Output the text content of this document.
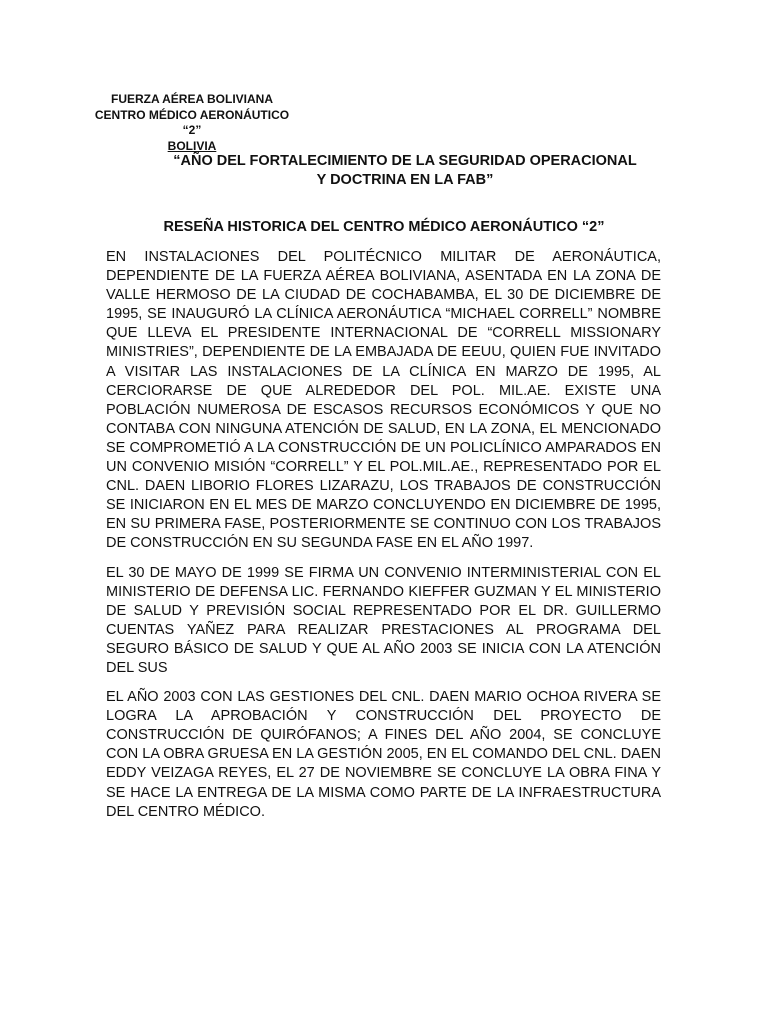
FUERZA AÉREA BOLIVIANA
CENTRO MÉDICO AERONÁUTICO “2”
BOLIVIA
“AÑO DEL FORTALECIMIENTO DE LA SEGURIDAD OPERACIONAL
Y DOCTRINA EN LA FAB”
RESEÑA HISTORICA DEL CENTRO MÉDICO AERONÁUTICO “2”

EN INSTALACIONES DEL POLITÉCNICO MILITAR DE AERONÁUTICA, DEPENDIENTE DE LA FUERZA AÉREA BOLIVIANA, ASENTADA EN LA ZONA DE VALLE HERMOSO DE LA CIUDAD DE COCHABAMBA, EL 30 DE DICIEMBRE DE 1995, SE INAUGURÓ LA CLÍNICA AERONÁUTICA “MICHAEL CORRELL” NOMBRE QUE LLEVA EL PRESIDENTE INTERNACIONAL DE “CORRELL MISSIONARY MINISTRIES”, DEPENDIENTE DE LA EMBAJADA DE EEUU, QUIEN FUE INVITADO A VISITAR LAS INSTALACIONES DE LA CLÍNICA EN MARZO DE 1995, AL CERCIORARSE DE QUE ALREDEDOR DEL POL. MIL.AE. EXISTE UNA POBLACIÓN NUMEROSA DE ESCASOS RECURSOS ECONÓMICOS Y QUE NO CONTABA CON NINGUNA ATENCIÓN DE SALUD, EN LA ZONA, EL MENCIONADO SE COMPROMETIÓ A LA CONSTRUCCIÓN DE UN POLICLÍNICO AMPARADOS EN UN CONVENIO MISIÓN “CORRELL” Y EL POL.MIL.AE., REPRESENTADO POR EL CNL. DAEN LIBORIO FLORES LIZARAZU, LOS TRABAJOS DE CONSTRUCCIÓN SE INICIARON EN EL MES DE MARZO CONCLUYENDO EN DICIEMBRE DE 1995, EN SU PRIMERA FASE, POSTERIORMENTE SE CONTINUO CON LOS TRABAJOS DE CONSTRUCCIÓN EN SU SEGUNDA FASE EN EL AÑO 1997.

EL 30 DE MAYO DE 1999 SE FIRMA UN CONVENIO INTERMINISTERIAL CON EL MINISTERIO DE DEFENSA LIC. FERNANDO KIEFFER GUZMAN Y EL MINISTERIO DE SALUD Y PREVISIÓN SOCIAL REPRESENTADO POR EL DR. GUILLERMO CUENTAS YAÑEZ PARA REALIZAR PRESTACIONES AL PROGRAMA DEL SEGURO BÁSICO DE SALUD Y QUE AL AÑO 2003 SE INICIA CON LA ATENCIÓN DEL SUS

EL AÑO 2003 CON LAS GESTIONES DEL CNL. DAEN MARIO OCHOA RIVERA SE LOGRA LA APROBACIÓN Y CONSTRUCCIÓN DEL PROYECTO DE CONSTRUCCIÓN DE QUIRÓFANOS; A FINES DEL AÑO 2004, SE CONCLUYE CON LA OBRA GRUESA EN LA GESTIÓN 2005, EN EL COMANDO DEL CNL. DAEN EDDY VEIZAGA REYES, EL 27 DE NOVIEMBRE SE CONCLUYE LA OBRA FINA Y SE HACE LA ENTREGA DE LA MISMA COMO PARTE DE LA INFRAESTRUCTURA DEL CENTRO MÉDICO.
